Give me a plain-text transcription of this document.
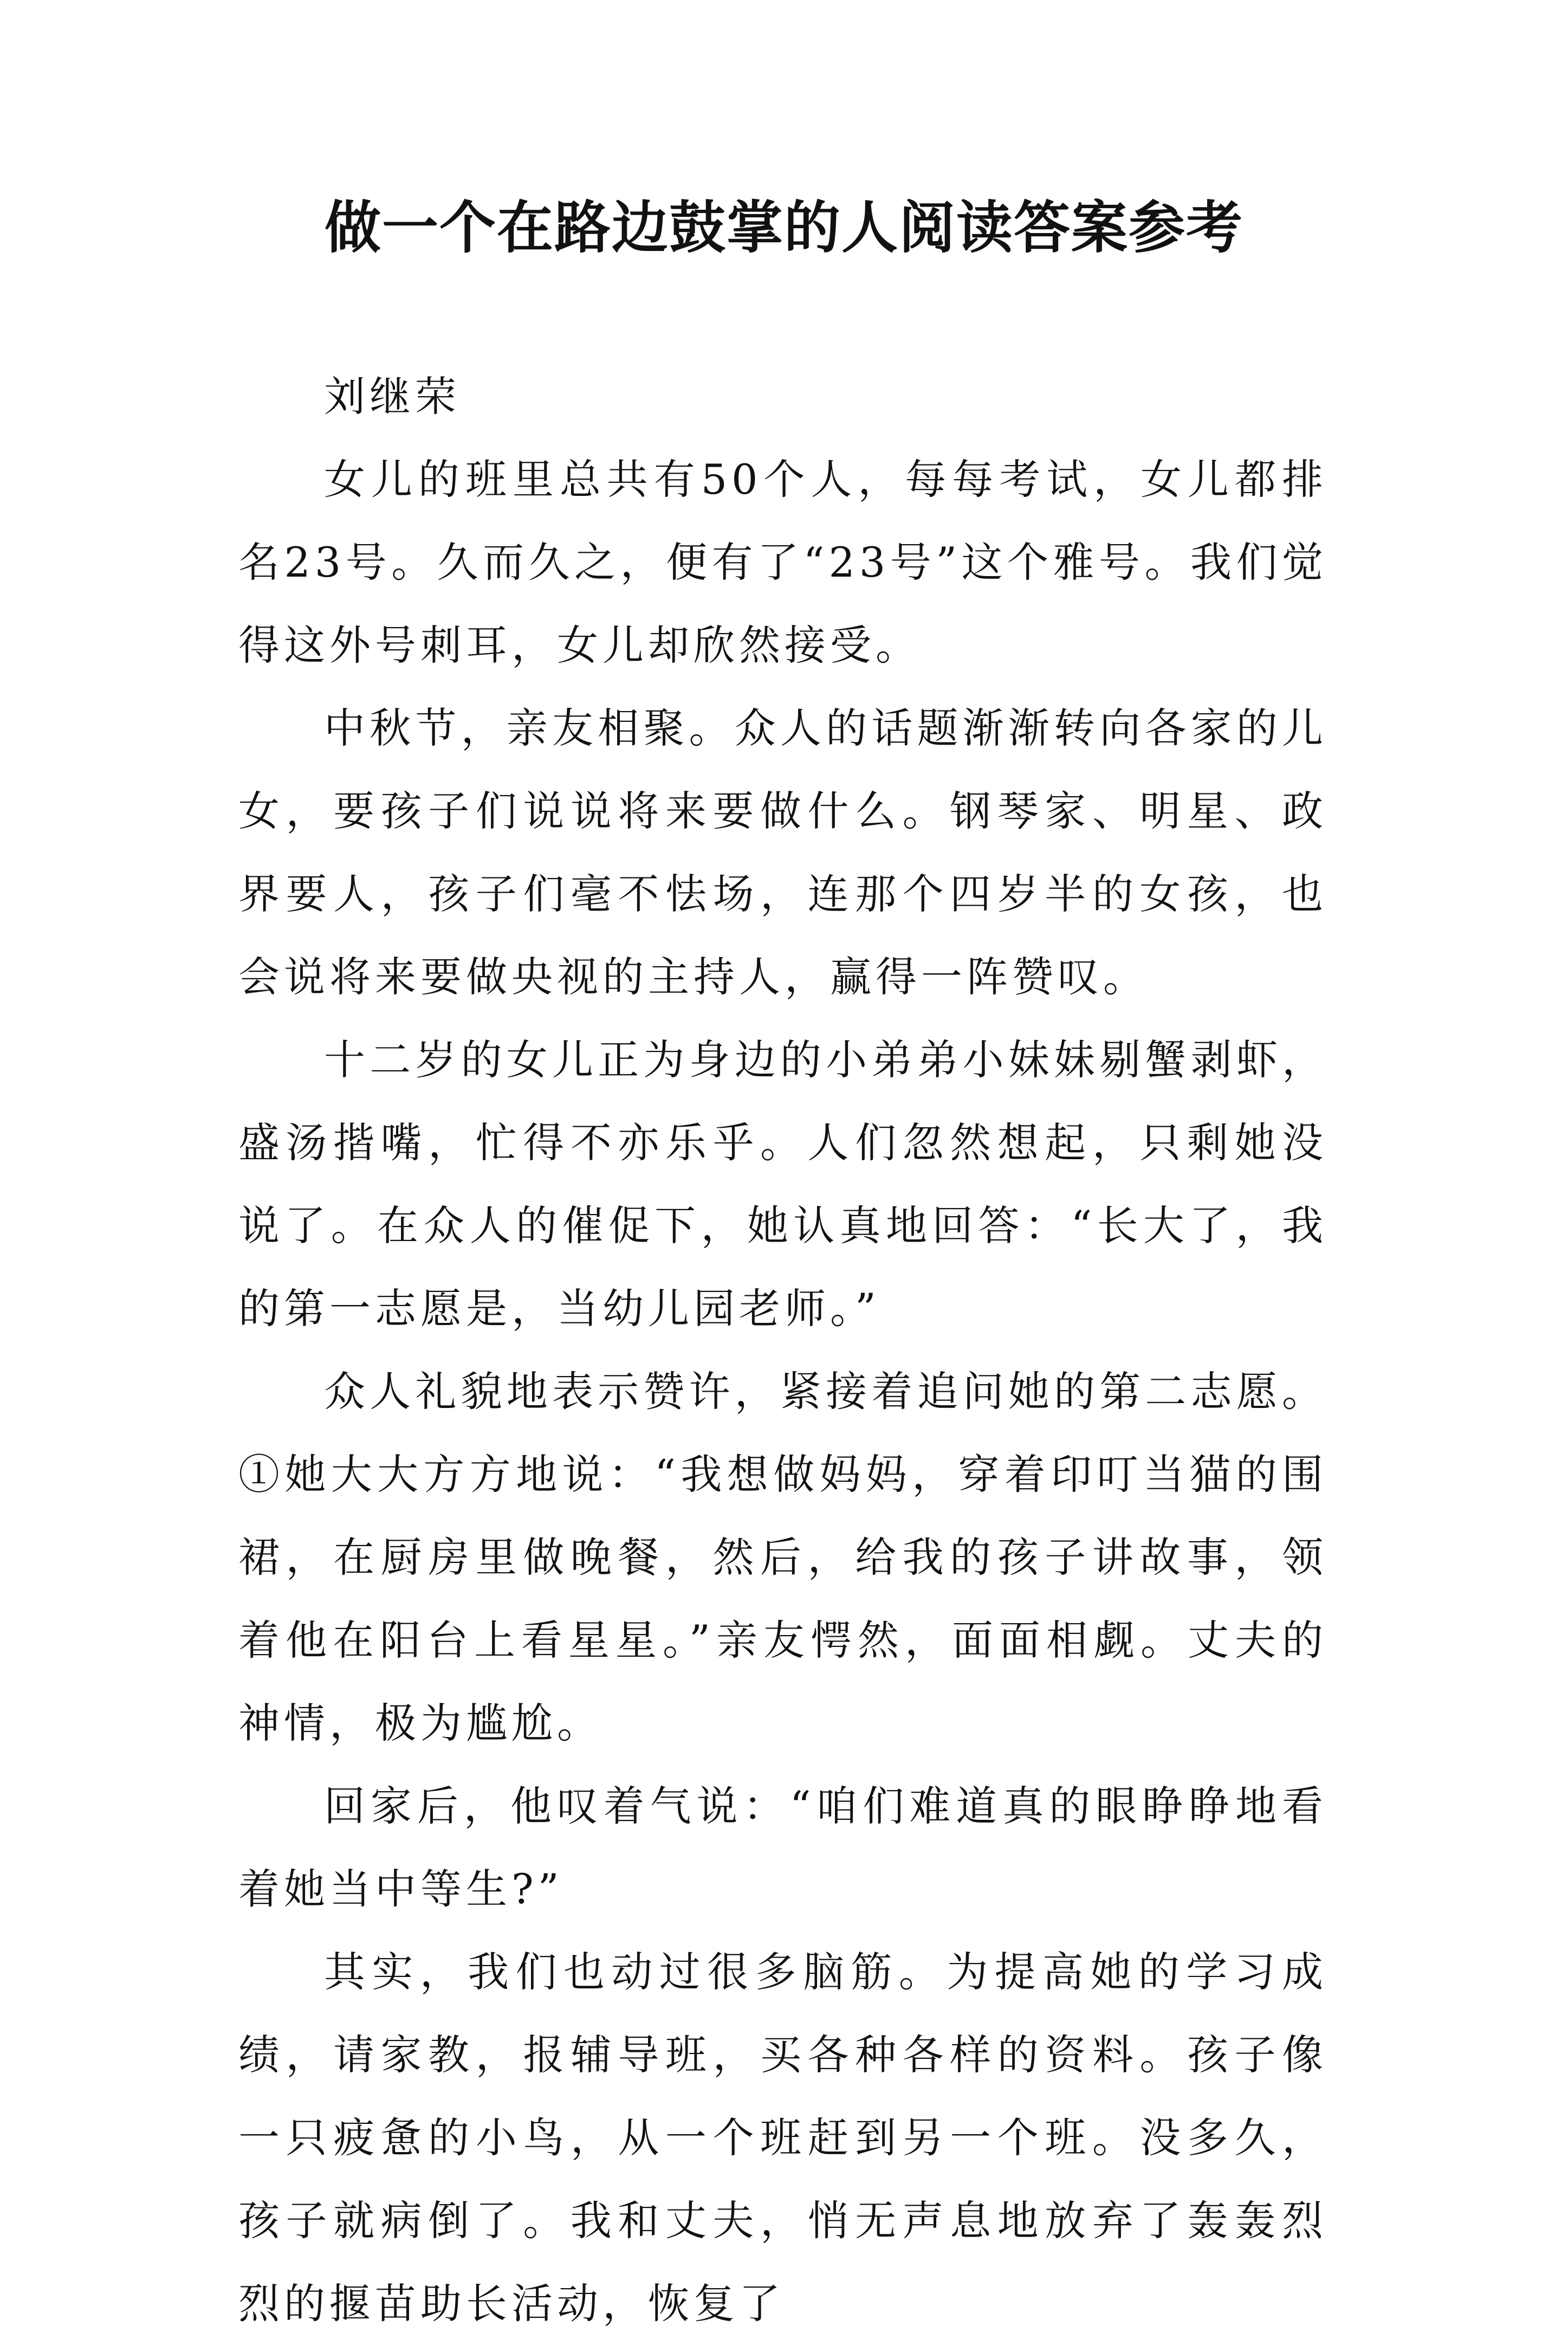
做一个在路边鼓掌的人阅读答案参考

刘继荣

女儿的班里总共有50个人，每每考试，女儿都排名23号。久而久之，便有了“23号”这个雅号。我们觉得这外号刺耳，女儿却欣然接受。

中秋节，亲友相聚。众人的话题渐渐转向各家的儿女，要孩子们说说将来要做什么。钢琴家、明星、政界要人，孩子们毫不怯场，连那个四岁半的女孩，也会说将来要做央视的主持人，赢得一阵赞叹。

十二岁的女儿正为身边的小弟弟小妹妹剔蟹剥虾，盛汤揩嘴，忙得不亦乐乎。人们忽然想起，只剩她没说了。在众人的催促下，她认真地回答：“长大了，我的第一志愿是，当幼儿园老师。”

众人礼貌地表示赞许，紧接着追问她的第二志愿。①她大大方方地说：“我想做妈妈，穿着印叮当猫的围裙，在厨房里做晚餐，然后，给我的孩子讲故事，领着他在阳台上看星星。”亲友愕然，面面相觑。丈夫的神情，极为尴尬。

回家后，他叹着气说：“咱们难道真的眼睁睁地看着她当中等生?”

其实，我们也动过很多脑筋。为提高她的学习成绩，请家教，报辅导班，买各种各样的资料。孩子像一只疲惫的小鸟，从一个班赶到另一个班。没多久，孩子就病倒了。我和丈夫，悄无声息地放弃了轰轰烈烈的揠苗助长活动，恢复了
